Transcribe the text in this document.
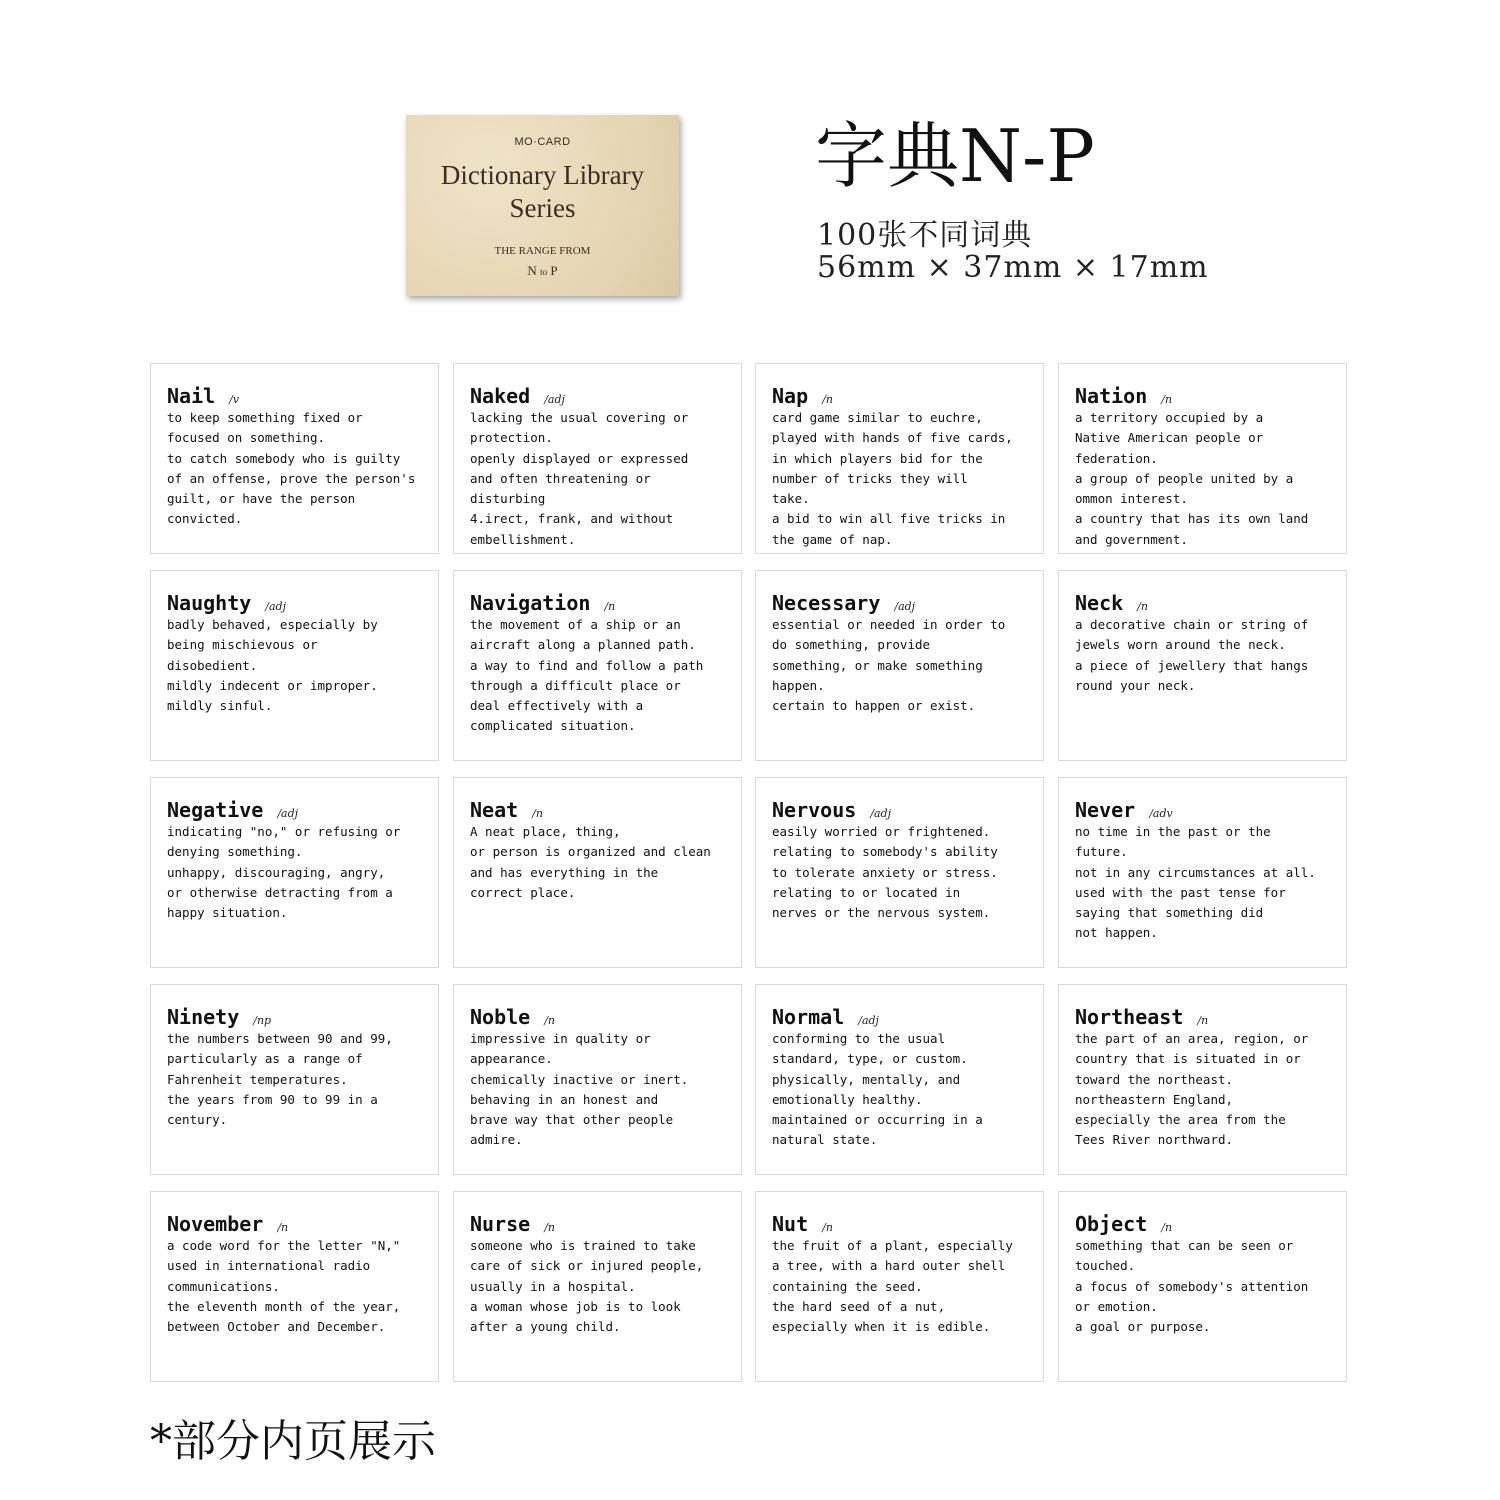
MO·CARD
Dictionary Library
Series
THE RANGE FROM
N to P
字典N-P
100张不同词典
56mm × 37mm × 17mm
Nail /v
to keep something fixed or
focused on something.
to catch somebody who is guilty
of an offense, prove the person's
guilt, or have the person
convicted.
Naked /adj
lacking the usual covering or
protection.
openly displayed or expressed
and often threatening or
disturbing
4.irect, frank, and without
embellishment.
Nap /n
card game similar to euchre,
played with hands of five cards,
in which players bid for the
number of tricks they will
take.
a bid to win all five tricks in
the game of nap.
Nation /n
a territory occupied by a
Native American people or
federation.
a group of people united by a
ommon interest.
a country that has its own land
and government.
Naughty /adj
badly behaved, especially by
being mischievous or
disobedient.
mildly indecent or improper.
mildly sinful.
Navigation /n
the movement of a ship or an
aircraft along a planned path.
a way to find and follow a path
through a difficult place or
deal effectively with a
complicated situation.
Necessary /adj
essential or needed in order to
do something, provide
something, or make something
happen.
certain to happen or exist.
Neck /n
a decorative chain or string of
jewels worn around the neck.
a piece of jewellery that hangs
round your neck.
Negative /adj
indicating "no," or refusing or
denying something.
unhappy, discouraging, angry,
or otherwise detracting from a
happy situation.
Neat /n
A neat place, thing,
or person is organized and clean
and has everything in the
correct place.
Nervous /adj
easily worried or frightened.
relating to somebody's ability
to tolerate anxiety or stress.
relating to or located in
nerves or the nervous system.
Never /adv
no time in the past or the
future.
not in any circumstances at all.
used with the past tense for
saying that something did
not happen.
Ninety /np
the numbers between 90 and 99,
particularly as a range of
Fahrenheit temperatures.
the years from 90 to 99 in a
century.
Noble /n
impressive in quality or
appearance.
chemically inactive or inert.
behaving in an honest and
brave way that other people
admire.
Normal /adj
conforming to the usual
standard, type, or custom.
physically, mentally, and
emotionally healthy.
maintained or occurring in a
natural state.
Northeast /n
the part of an area, region, or
country that is situated in or
toward the northeast.
northeastern England,
especially the area from the
Tees River northward.
November /n
a code word for the letter "N,"
used in international radio
communications.
the eleventh month of the year,
between October and December.
Nurse /n
someone who is trained to take
care of sick or injured people,
usually in a hospital.
a woman whose job is to look
after a young child.
Nut /n
the fruit of a plant, especially
a tree, with a hard outer shell
containing the seed.
the hard seed of a nut,
especially when it is edible.
Object /n
something that can be seen or
touched.
a focus of somebody's attention
or emotion.
a goal or purpose.
*部分内页展示
